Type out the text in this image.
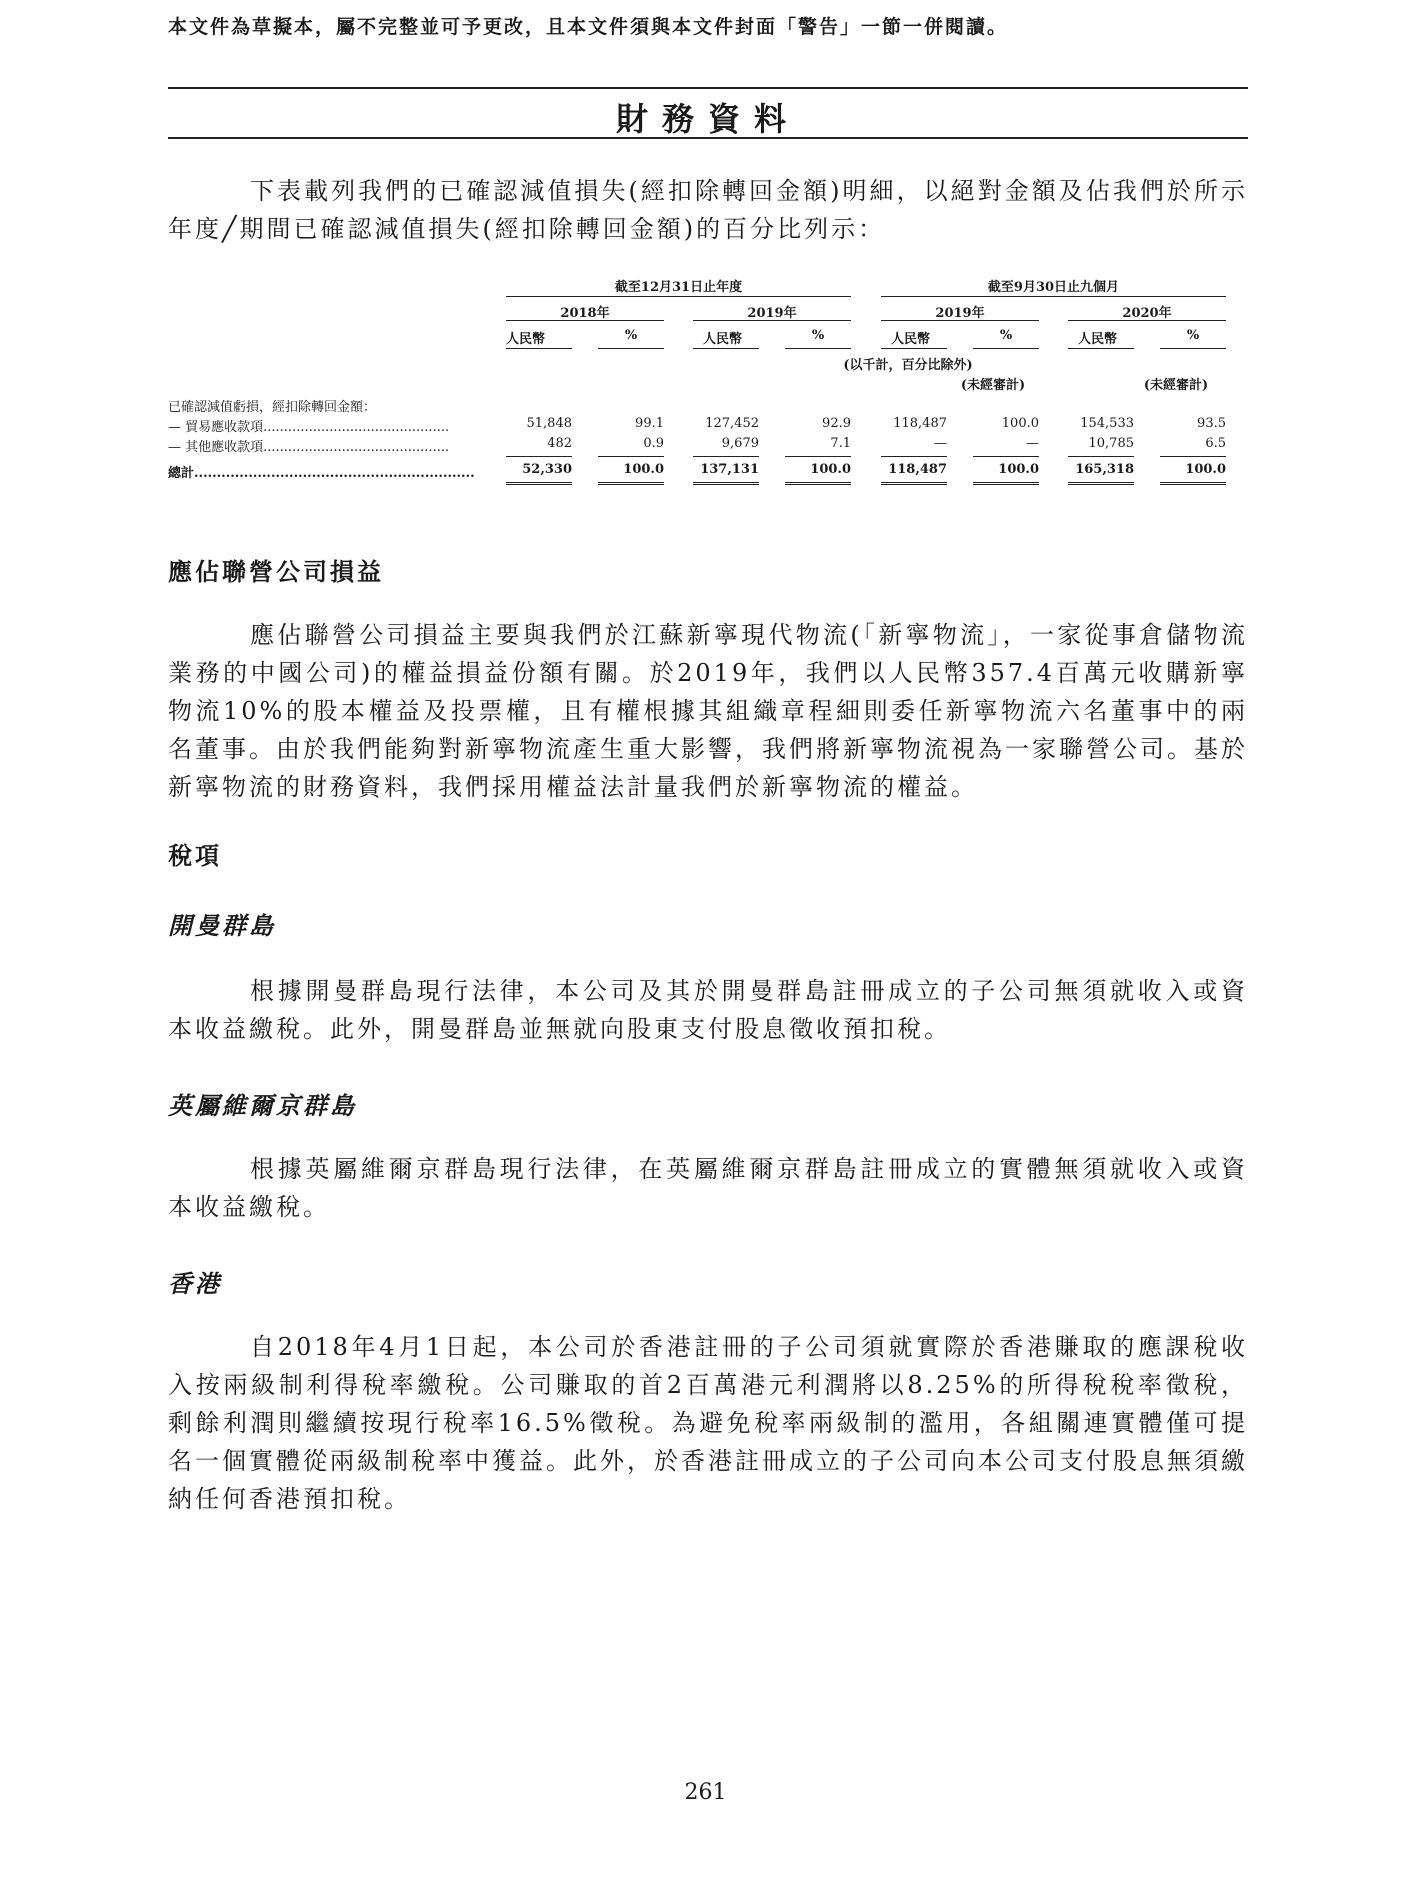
本文件為草擬本，屬不完整並可予更改，且本文件須與本文件封面「警告」一節一併閱讀。
財務資料

下表載列我們的已確認減值損失(經扣除轉回金額)明細，以絕對金額及佔我們於所示年度╱期間已確認減值損失(經扣除轉回金額)的百分比列示：

截至12月31日止年度	截至9月30日止九個月
2018年	2019年	2019年	2020年
人民幣	%	人民幣	%	人民幣	%	人民幣	%
(以千計，百分比除外)
(未經審計)	(未經審計)
已確認減值虧損，經扣除轉回金額：
— 貿易應收款項.............................................	51,848	99.1	127,452	92.9	118,487	100.0	154,533	93.5
— 其他應收款項.............................................	482	0.9	9,679	7.1	—	—	10,785	6.5
總計..............................................................	52,330	100.0	137,131	100.0	118,487	100.0	165,318	100.0
應佔聯營公司損益

應佔聯營公司損益主要與我們於江蘇新寧現代物流(「新寧物流」，一家從事倉儲物流業務的中國公司)的權益損益份額有關。於2019年，我們以人民幣357.4百萬元收購新寧物流10%的股本權益及投票權，且有權根據其組織章程細則委任新寧物流六名董事中的兩名董事。由於我們能夠對新寧物流產生重大影響，我們將新寧物流視為一家聯營公司。基於新寧物流的財務資料，我們採用權益法計量我們於新寧物流的權益。

稅項
開曼群島

根據開曼群島現行法律，本公司及其於開曼群島註冊成立的子公司無須就收入或資本收益繳稅。此外，開曼群島並無就向股東支付股息徵收預扣稅。

英屬維爾京群島

根據英屬維爾京群島現行法律，在英屬維爾京群島註冊成立的實體無須就收入或資本收益繳稅。

香港

自2018年4月1日起，本公司於香港註冊的子公司須就實際於香港賺取的應課稅收入按兩級制利得稅率繳稅。公司賺取的首2百萬港元利潤將以8.25%的所得稅稅率徵稅，剩餘利潤則繼續按現行稅率16.5%徵稅。為避免稅率兩級制的濫用，各組關連實體僅可提名一個實體從兩級制稅率中獲益。此外，於香港註冊成立的子公司向本公司支付股息無須繳納任何香港預扣稅。

261
